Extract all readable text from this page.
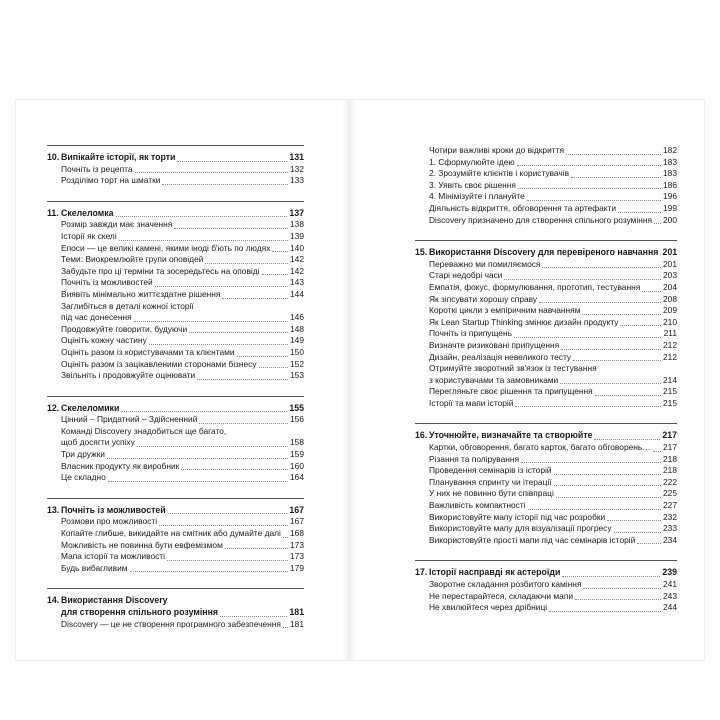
10. Випікайте історії, як торти	131
Почніть із рецепта	132
Розділімо торт на шматки	133
11. Скелеломка	137
Розмір завжди має значення	138
Історії як скелі	139
Епоси — це великі камені, якими іноді б'ють по людях 140
Теми: Виокремлюйте групи оповідей	142
Забудьте про ці терміни та зосередьтесь на оповіді	142
Почніть із можливостей	143
Виявіть мінімально життєздатне рішення	144
Заглибіться в деталі кожної історії
під час донесення	146
Продовжуйте говорити, будуючи	148
Оцініть кожну частину	149
Оцініть разом із користувачами та клієнтами	150
Оцініть разом із зацікавленими сторонами бізнесу	152
Звільніть і продовжуйте оцінювати	153
12. Скелеломики	155
Цінний – Придатний – Здійсненний	156
Команді Discovery знадобиться ще багато,
щоб досягти успіху	158
Три дружки	159
Власник продукту як виробник	160
Це складно	164
13. Почніть із можливостей	167
Розмови про можливості	167
Копайте глибше, викидайте на смітник або думайте далі 168
Можливість не повинна бути евфемізмом	173
Мапа історії та можливості	173
Будь вибагливим	179
14. Використання Discovery
для створення спільного розуміння	181
Discovery — це не створення програмного забезпечення 181
Чотири важливі кроки до відкриття	182
1. Сформулюйте ідею	183
2. Зрозумійте клієнтів і користувачів	183
3. Уявіть своє рішення	186
4. Мінімізуйте і плануйте	196
Діяльність відкриття, обговорення та артефакти	199
Discovery призначено для створення спільного розуміння 200
15. Використання Discovery для перевіреного навчання 201
Переважно ми помиляємося	201
Старі недобрі часи	203
Емпатія, фокус, формулювання, прототип, тестування	204
Як зіпсувати хорошу справу	208
Короткі цикли з емпіричним навчанням	209
Як Lean Startup Thinking змінює дизайн продукту	210
Почніть із припущень	211
Визначте ризиковані припущення	212
Дизайн, реалізація невеликого тесту	212
Отримуйте зворотний зв'язок із тестування
з користувачами та замовниками	214
Перегляньте своє рішення та припущення	215
Історії та мапи історій	215
16. Уточнюйте, визначайте та створюйте	217
Картки, обговорення, багато карток, багато обговорень… 217
Різання та полірування	218
Проведення семінарів із історій	218
Планування спринту чи ітерації	222
У них не повинно бути співпраці	225
Важливість компактності	227
Використовуйте мапу історії під час розробки	232
Використовуйте мапу для візуалізації прогресу	233
Використовуйте прості мапи під час семінарів історій	234
17. Історії насправді як астероїди	239
Зворотне складання розбитого каміння	241
Не перестарайтеся, складаючи мапи	243
Не хвилюйтеся через дрібниці	244
